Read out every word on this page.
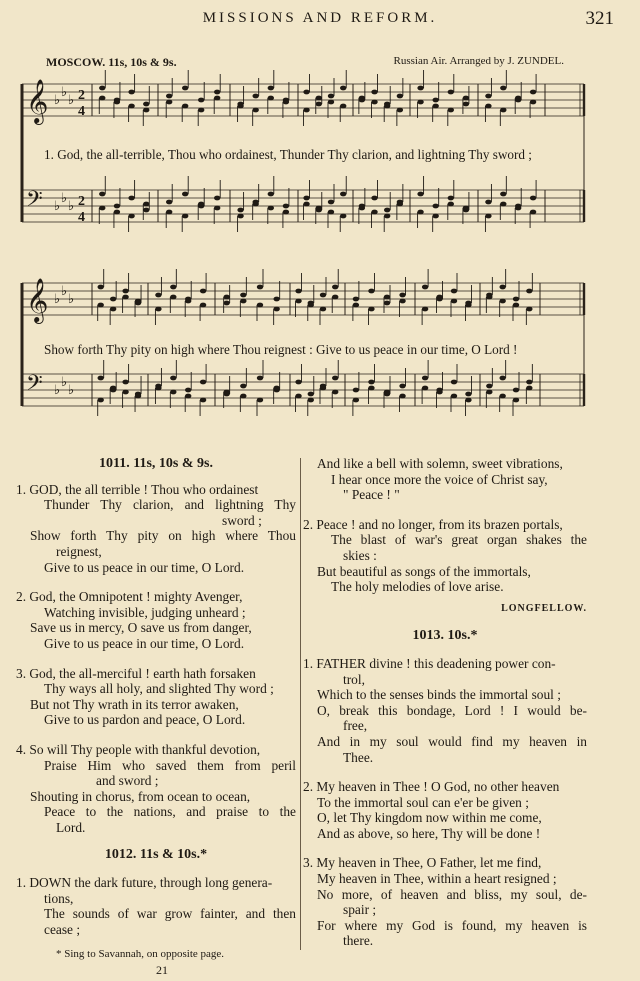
MISSIONS AND REFORM.	321
MOSCOW. 11s, 10s & 9s.	Russian Air. Arranged by J. ZUNDEL.
𝄞 ♭
♭
♭ 2
4
𝄢 ♭
♭
♭ 2
4
𝄞 ♭
♭
♭
𝄢 ♭
♭
♭
1. God, the all-terrible, Thou who ordainest, Thunder Thy clarion, and lightning Thy sword ;
Show forth Thy pity on high where Thou reignest : Give to us peace in our time, O Lord !

1011. 11s, 10s & 9s.

1. GOD, the all terrible ! Thou who ordainest

Thunder Thy clarion, and lightning Thy

sword ;

Show forth Thy pity on high where Thou

reignest,

Give to us peace in our time, O Lord.

2. God, the Omnipotent ! mighty Avenger,

Watching invisible, judging unheard ;

Save us in mercy, O save us from danger,

Give to us peace in our time, O Lord.

3. God, the all-merciful ! earth hath forsaken

Thy ways all holy, and slighted Thy word ;

But not Thy wrath in its terror awaken,

Give to us pardon and peace, O Lord.

4. So will Thy people with thankful devotion,

Praise Him who saved them from peril

and sword ;

Shouting in chorus, from ocean to ocean,

Peace to the nations, and praise to the

Lord.

1012. 11s & 10s.*

1. DOWN the dark future, through long genera-

tions,

The sounds of war grow fainter, and then

cease ;

* Sing to Savannah, on opposite page.

21

And like a bell with solemn, sweet vibrations,

I hear once more the voice of Christ say,

" Peace ! "

2. Peace ! and no longer, from its brazen portals,

The blast of war's great organ shakes the

skies :

But beautiful as songs of the immortals,

The holy melodies of love arise.

LONGFELLOW.

1013. 10s.*

1. FATHER divine ! this deadening power con-

trol,

Which to the senses binds the immortal soul ;

O, break this bondage, Lord ! I would be-

free,

And in my soul would find my heaven in

Thee.

2. My heaven in Thee ! O God, no other heaven

To the immortal soul can e'er be given ;

O, let Thy kingdom now within me come,

And as above, so here, Thy will be done !

3. My heaven in Thee, O Father, let me find,

My heaven in Thee, within a heart resigned ;

No more, of heaven and bliss, my soul, de-

spair ;

For where my God is found, my heaven is

there.
